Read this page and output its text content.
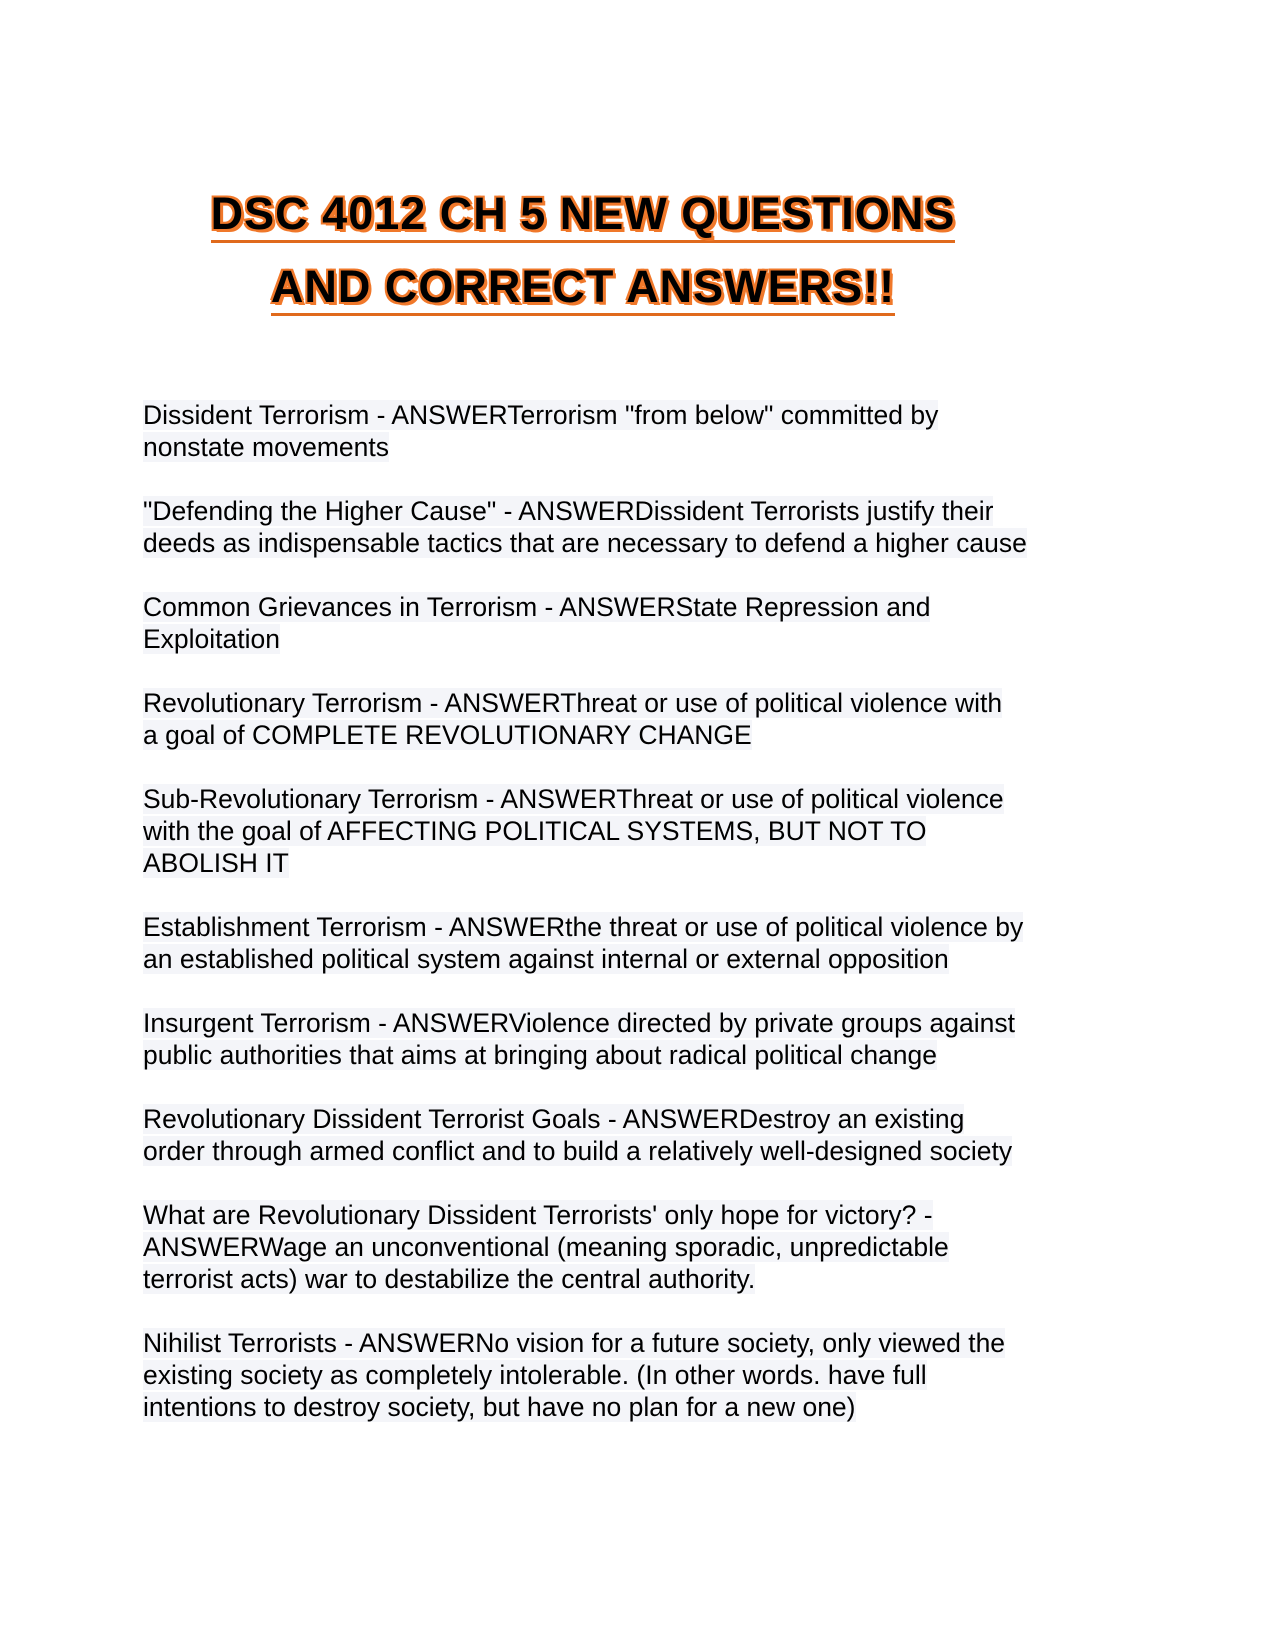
DSC 4012 CH 5 NEW QUESTIONS
AND CORRECT ANSWERS!!
Dissident Terrorism - ANSWERTerrorism "from below" committed by
nonstate movements
"Defending the Higher Cause" - ANSWERDissident Terrorists justify their
deeds as indispensable tactics that are necessary to defend a higher cause
Common Grievances in Terrorism - ANSWERState Repression and
Exploitation
Revolutionary Terrorism - ANSWERThreat or use of political violence with
a goal of COMPLETE REVOLUTIONARY CHANGE
Sub-Revolutionary Terrorism - ANSWERThreat or use of political violence
with the goal of AFFECTING POLITICAL SYSTEMS, BUT NOT TO
ABOLISH IT
Establishment Terrorism - ANSWERthe threat or use of political violence by
an established political system against internal or external opposition
Insurgent Terrorism - ANSWERViolence directed by private groups against
public authorities that aims at bringing about radical political change
Revolutionary Dissident Terrorist Goals - ANSWERDestroy an existing
order through armed conflict and to build a relatively well-designed society
What are Revolutionary Dissident Terrorists' only hope for victory? -
ANSWERWage an unconventional (meaning sporadic, unpredictable
terrorist acts) war to destabilize the central authority.
Nihilist Terrorists - ANSWERNo vision for a future society, only viewed the
existing society as completely intolerable. (In other words. have full
intentions to destroy society, but have no plan for a new one)
